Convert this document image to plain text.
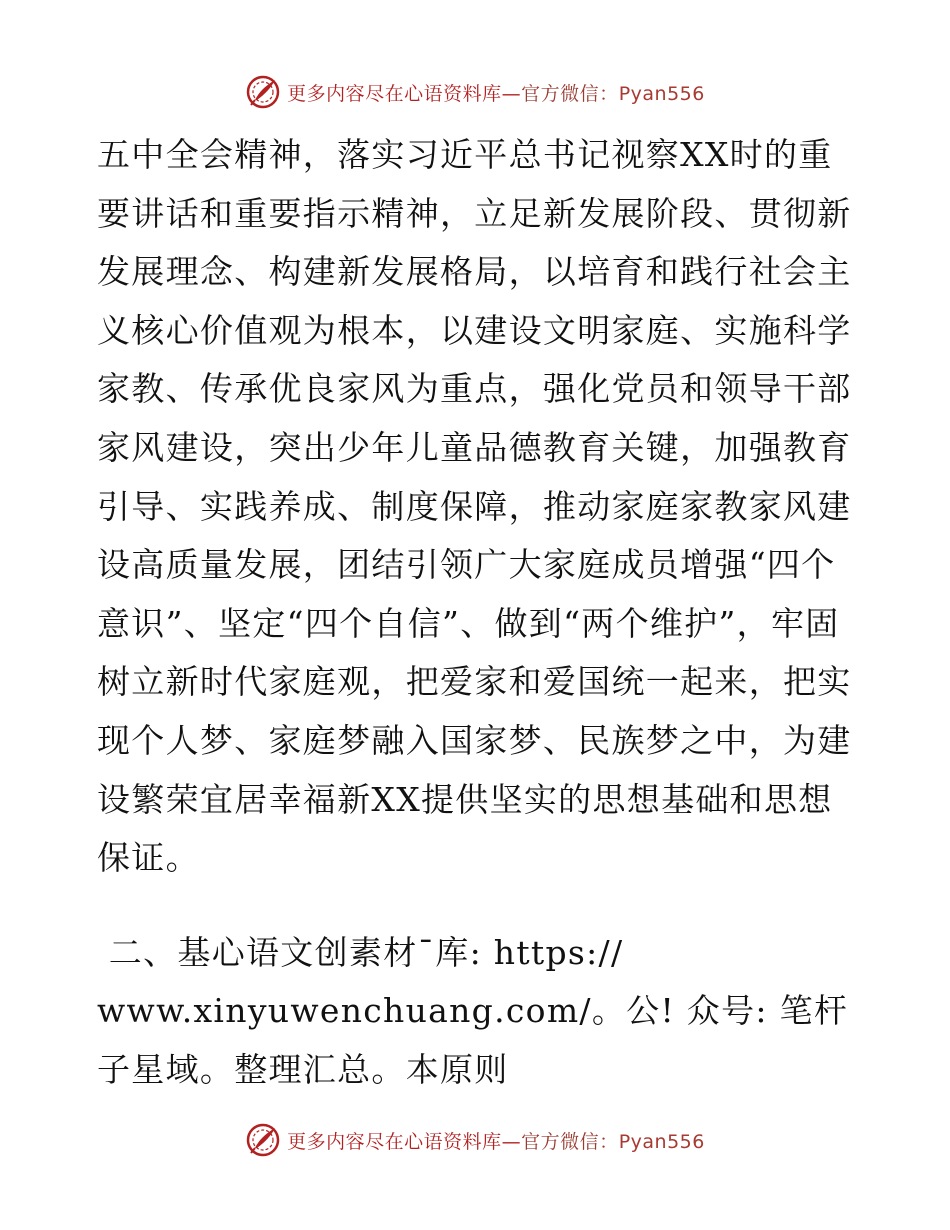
更多内容尽在心语资料库—官方微信：Pyan556

五中全会精神，落实习近平总书记视察XX时的重要讲话和重要指示精神，立足新发展阶段、贯彻新发展理念、构建新发展格局，以培育和践行社会主义核心价值观为根本，以建设文明家庭、实施科学家教、传承优良家风为重点，强化党员和领导干部家风建设，突出少年儿童品德教育关键，加强教育引导、实践养成、制度保障，推动家庭家教家风建设高质量发展，团结引领广大家庭成员增强“四个意识”、坚定“四个自信”、做到“两个维护”，牢固树立新时代家庭观，把爱家和爱国统一起来，把实现个人梦、家庭梦融入国家梦、民族梦之中，为建设繁荣宜居幸福新XX提供坚实的思想基础和思想保证。

二、基心语文创素材¯库: https://
www.xinyuwenchuang.com/。公! 众号: 笔杆子星域。整理汇总。本原则

更多内容尽在心语资料库—官方微信：Pyan556
